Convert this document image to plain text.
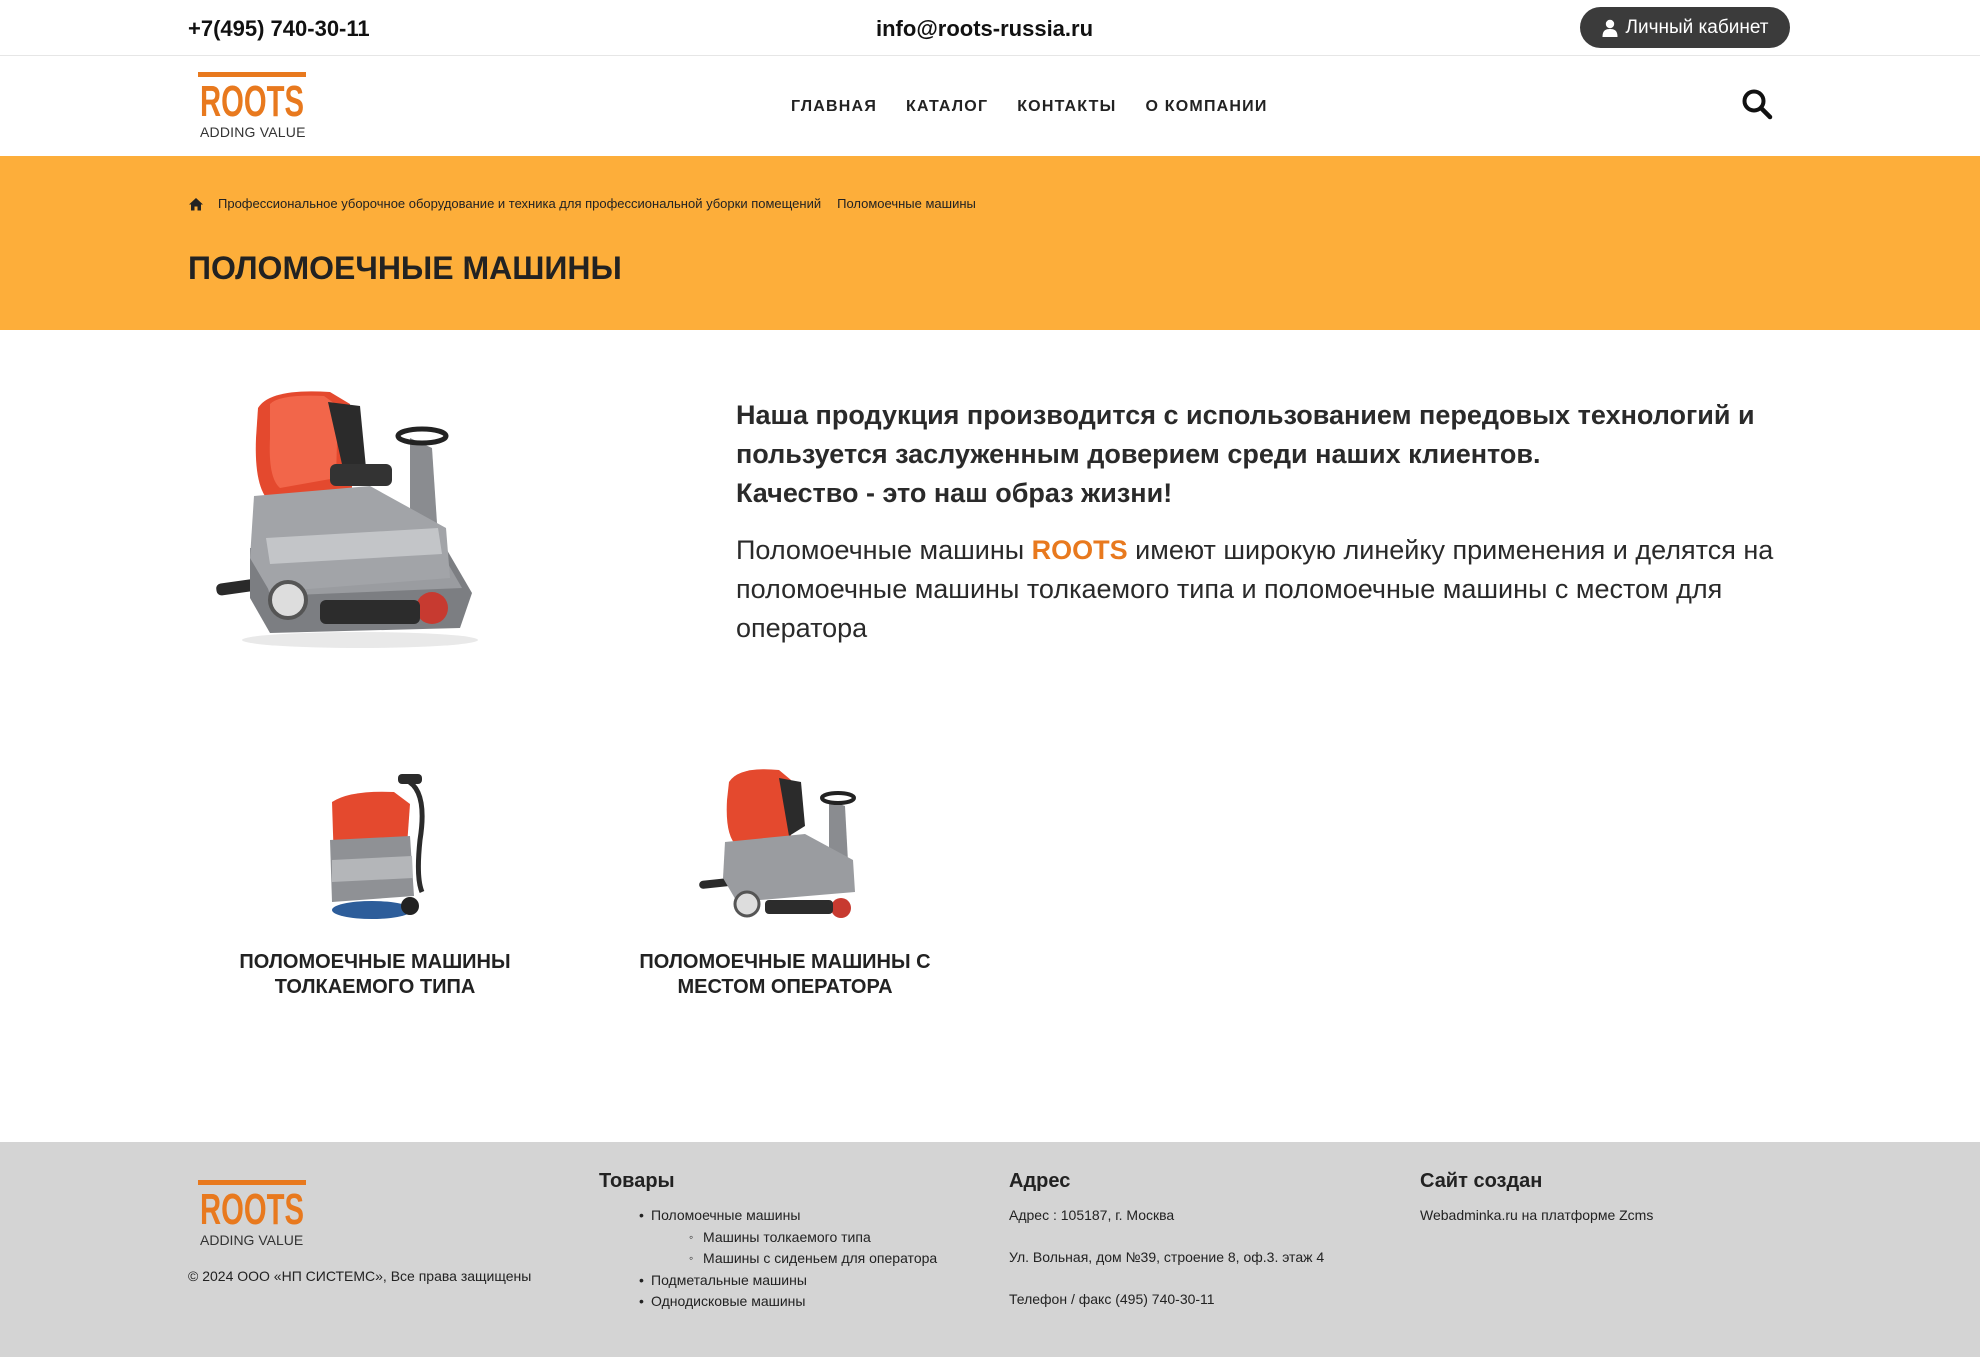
+7(495) 740-30-11	info@roots-russia.ru	Личный кабинет
ROOTS
ADDING VALUE
ГЛАВНАЯ КАТАЛОГ КОНТАКТЫ О КОМПАНИИ
Профессиональное уборочное оборудование и техника для профессиональной уборки помещений Поломоечные машины
ПОЛОМОЕЧНЫЕ МАШИНЫ

Наша продукция производится с использованием передовых технологий и пользуется заслуженным доверием среди наших клиентов.
Качество - это наш образ жизни!

Поломоечные машины ROOTS имеют широкую линейку применения и делятся на поломоечные машины толкаемого типа и поломоечные машины с местом для оператора

ПОЛОМОЕЧНЫЕ МАШИНЫ
ТОЛКАЕМОГО ТИПА
ПОЛОМОЕЧНЫЕ МАШИНЫ С
МЕСТОМ ОПЕРАТОРА
ROOTS
ADDING VALUE
© 2024 ООО «НП СИСТЕМС», Все права защищены
Товары
• Поломоечные машины
◦ Машины толкаемого типа
◦ Машины с сиденьем для оператора
• Подметальные машины
• Однодисковые машины
Адрес
Адрес : 105187, г. Москва
Ул. Вольная, дом №39, строение 8, оф.3. этаж 4
Телефон / факс (495) 740-30-11
Сайт создан
Webadminka.ru на платформе Zcms
